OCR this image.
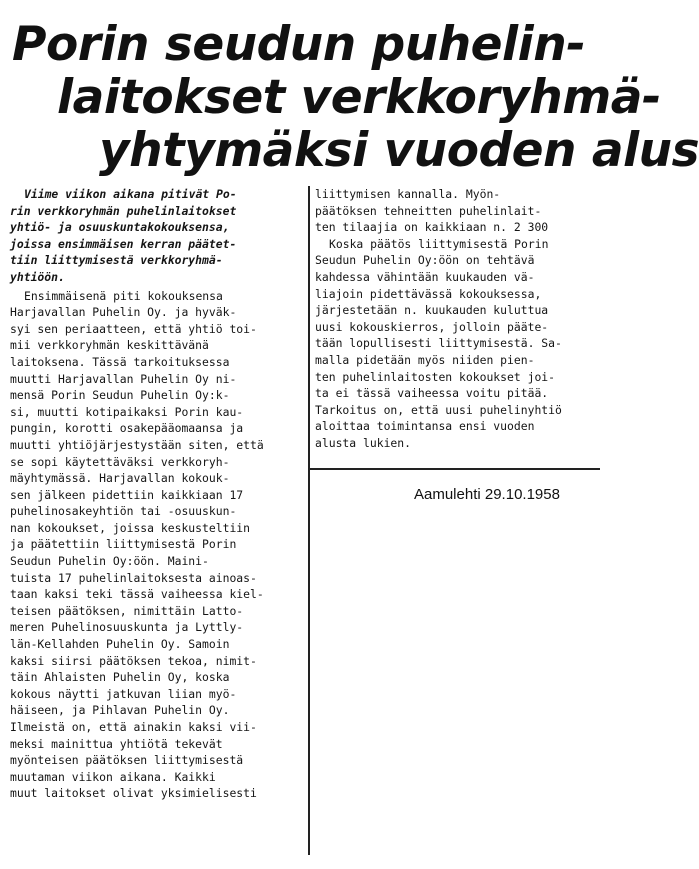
Porin seudun puhelin-
laitokset verkkoryhmä-
yhtymäksi vuoden alus
Viime viikon aikana pitivät Po-
rin verkkoryhmän puhelinlaitokset
yhtiö- ja osuuskuntakokouksensa,
joissa ensimmäisen kerran päätet-
tiin liittymisestä verkkoryhmä-
yhtiöön.
Ensimmäisenä piti kokouksensa
Harjavallan Puhelin Oy. ja hyväk-
syi sen periaatteen, että yhtiö toi-
mii verkkoryhmän keskittävänä
laitoksena. Tässä tarkoituksessa
muutti Harjavallan Puhelin Oy ni-
mensä Porin Seudun Puhelin Oy:k-
si, muutti kotipaikaksi Porin kau-
pungin, korotti osakepääomaansa ja
muutti yhtiöjärjestystään siten, että
se sopi käytettäväksi verkkoryh-
mäyhtymässä. Harjavallan kokouk-
sen jälkeen pidettiin kaikkiaan 17
puhelinosakeyhtiön tai -osuuskun-
nan kokoukset, joissa keskusteltiin
ja päätettiin liittymisestä Porin
Seudun Puhelin Oy:öön. Maini-
tuista 17 puhelinlaitoksesta ainoas-
taan kaksi teki tässä vaiheessa kiel-
teisen päätöksen, nimittäin Latto-
meren Puhelinosuuskunta ja Lyttly-
län-Kellahden Puhelin Oy. Samoin
kaksi siirsi päätöksen tekoa, nimit-
täin Ahlaisten Puhelin Oy, koska
kokous näytti jatkuvan liian myö-
häiseen, ja Pihlavan Puhelin Oy.
Ilmeistä on, että ainakin kaksi vii-
meksi mainittua yhtiötä tekevät
myönteisen päätöksen liittymisestä
muutaman viikon aikana. Kaikki
muut laitokset olivat yksimielisesti
liittymisen kannalla. Myön-
päätöksen tehneitten puhelinlait-
ten tilaajia on kaikkiaan n. 2 300
Koska päätös liittymisestä Porin
Seudun Puhelin Oy:öön on tehtävä
kahdessa vähintään kuukauden vä-
liajoin pidettävässä kokouksessa,
järjestetään n. kuukauden kuluttua
uusi kokouskierros, jolloin pääte-
tään lopullisesti liittymisestä. Sa-
malla pidetään myös niiden pien-
ten puhelinlaitosten kokoukset joi-
ta ei tässä vaiheessa voitu pitää.
Tarkoitus on, että uusi puhelinyhtiö
aloittaa toimintansa ensi vuoden
alusta lukien.
Aamulehti 29.10.1958
